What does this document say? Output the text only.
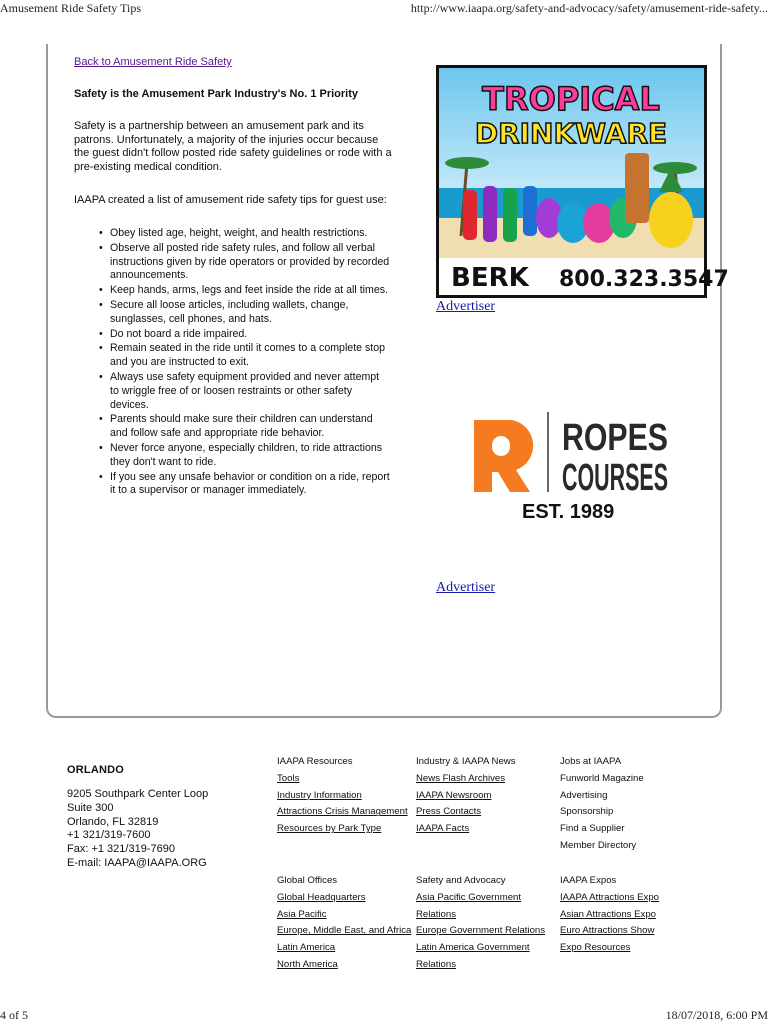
Amusement Ride Safety Tips	http://www.iaapa.org/safety-and-advocacy/safety/amusement-ride-safety...
Back to Amusement Ride Safety
Safety is the Amusement Park Industry's No. 1 Priority

Safety is a partnership between an amusement park and its patrons. Unfortunately, a majority of the injuries occur because the guest didn't follow posted ride safety guidelines or rode with a pre-existing medical condition.

IAAPA created a list of amusement ride safety tips for guest use:

• Obey listed age, height, weight, and health restrictions.
• Observe all posted ride safety rules, and follow all verbal instructions given by ride operators or provided by recorded announcements.
• Keep hands, arms, legs and feet inside the ride at all times.
• Secure all loose articles, including wallets, change, sunglasses, cell phones, and hats.
• Do not board a ride impaired.
• Remain seated in the ride until it comes to a complete stop and you are instructed to exit.
• Always use safety equipment provided and never attempt to wriggle free of or loosen restraints or other safety devices.
• Parents should make sure their children can understand and follow safe and appropriate ride behavior.
• Never force anyone, especially children, to ride attractions they don't want to ride.
• If you see any unsafe behavior or condition on a ride, report it to a supervisor or manager immediately.
TROPICAL
DRINKWARE
BERK 800.323.3547
Advertiser
ROPES
COURSES
EST. 1989
Advertiser
ORLANDO
9205 Southpark Center Loop
Suite 300
Orlando, FL 32819
+1 321/319-7600
Fax: +1 321/319-7690
E-mail: IAAPA@IAAPA.ORG
IAAPA Resources
Tools
Industry Information
Attractions Crisis Management
Resources by Park Type
Industry & IAAPA News
News Flash Archives
IAAPA Newsroom
Press Contacts
IAAPA Facts
Jobs at IAAPA
Funworld Magazine
Advertising
Sponsorship
Find a Supplier
Member Directory
Global Offices
Global Headquarters
Asia Pacific
Europe, Middle East, and Africa
Latin America
North America
Safety and Advocacy
Asia Pacific Government
Relations
Europe Government Relations
Latin America Government
Relations
IAAPA Expos
IAAPA Attractions Expo
Asian Attractions Expo
Euro Attractions Show
Expo Resources
4 of 5	18/07/2018, 6:00 PM
